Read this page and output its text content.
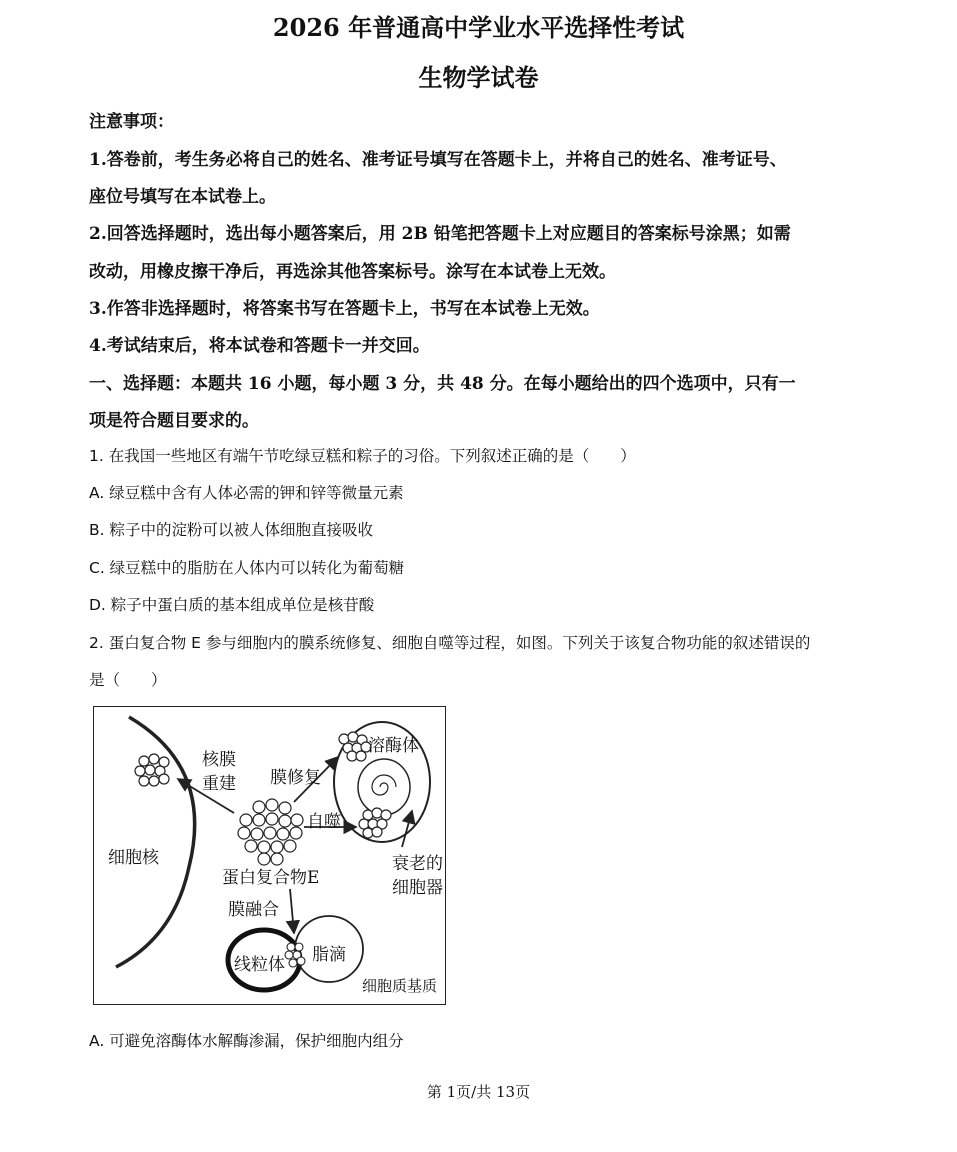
2026 年普通高中学业水平选择性考试
生物学试卷
注意事项：
1.答卷前，考生务必将自己的姓名、准考证号填写在答题卡上，并将自己的姓名、准考证号、
座位号填写在本试卷上。
2.回答选择题时，选出每小题答案后，用 2B 铅笔把答题卡上对应题目的答案标号涂黑；如需
改动，用橡皮擦干净后，再选涂其他答案标号。涂写在本试卷上无效。
3.作答非选择题时，将答案书写在答题卡上，书写在本试卷上无效。
4.考试结束后，将本试卷和答题卡一并交回。
一、选择题：本题共 16 小题，每小题 3 分，共 48 分。在每小题给出的四个选项中，只有一
项是符合题目要求的。
1. 在我国一些地区有端午节吃绿豆糕和粽子的习俗。下列叙述正确的是（　　）
A. 绿豆糕中含有人体必需的钾和锌等微量元素
B. 粽子中的淀粉可以被人体细胞直接吸收
C. 绿豆糕中的脂肪在人体内可以转化为葡萄糖
D. 粽子中蛋白质的基本组成单位是核苷酸
2. 蛋白复合物 E 参与细胞内的膜系统修复、细胞自噬等过程，如图。下列关于该复合物功能的叙述错误的
是（　　）
核膜
重建 膜修复
溶酶体
自噬
细胞核
蛋白复合物E
衰老的
细胞器
膜融合
线粒体 脂滴
细胞质基质
A. 可避免溶酶体水解酶渗漏，保护细胞内组分
第 1页/共 13页
